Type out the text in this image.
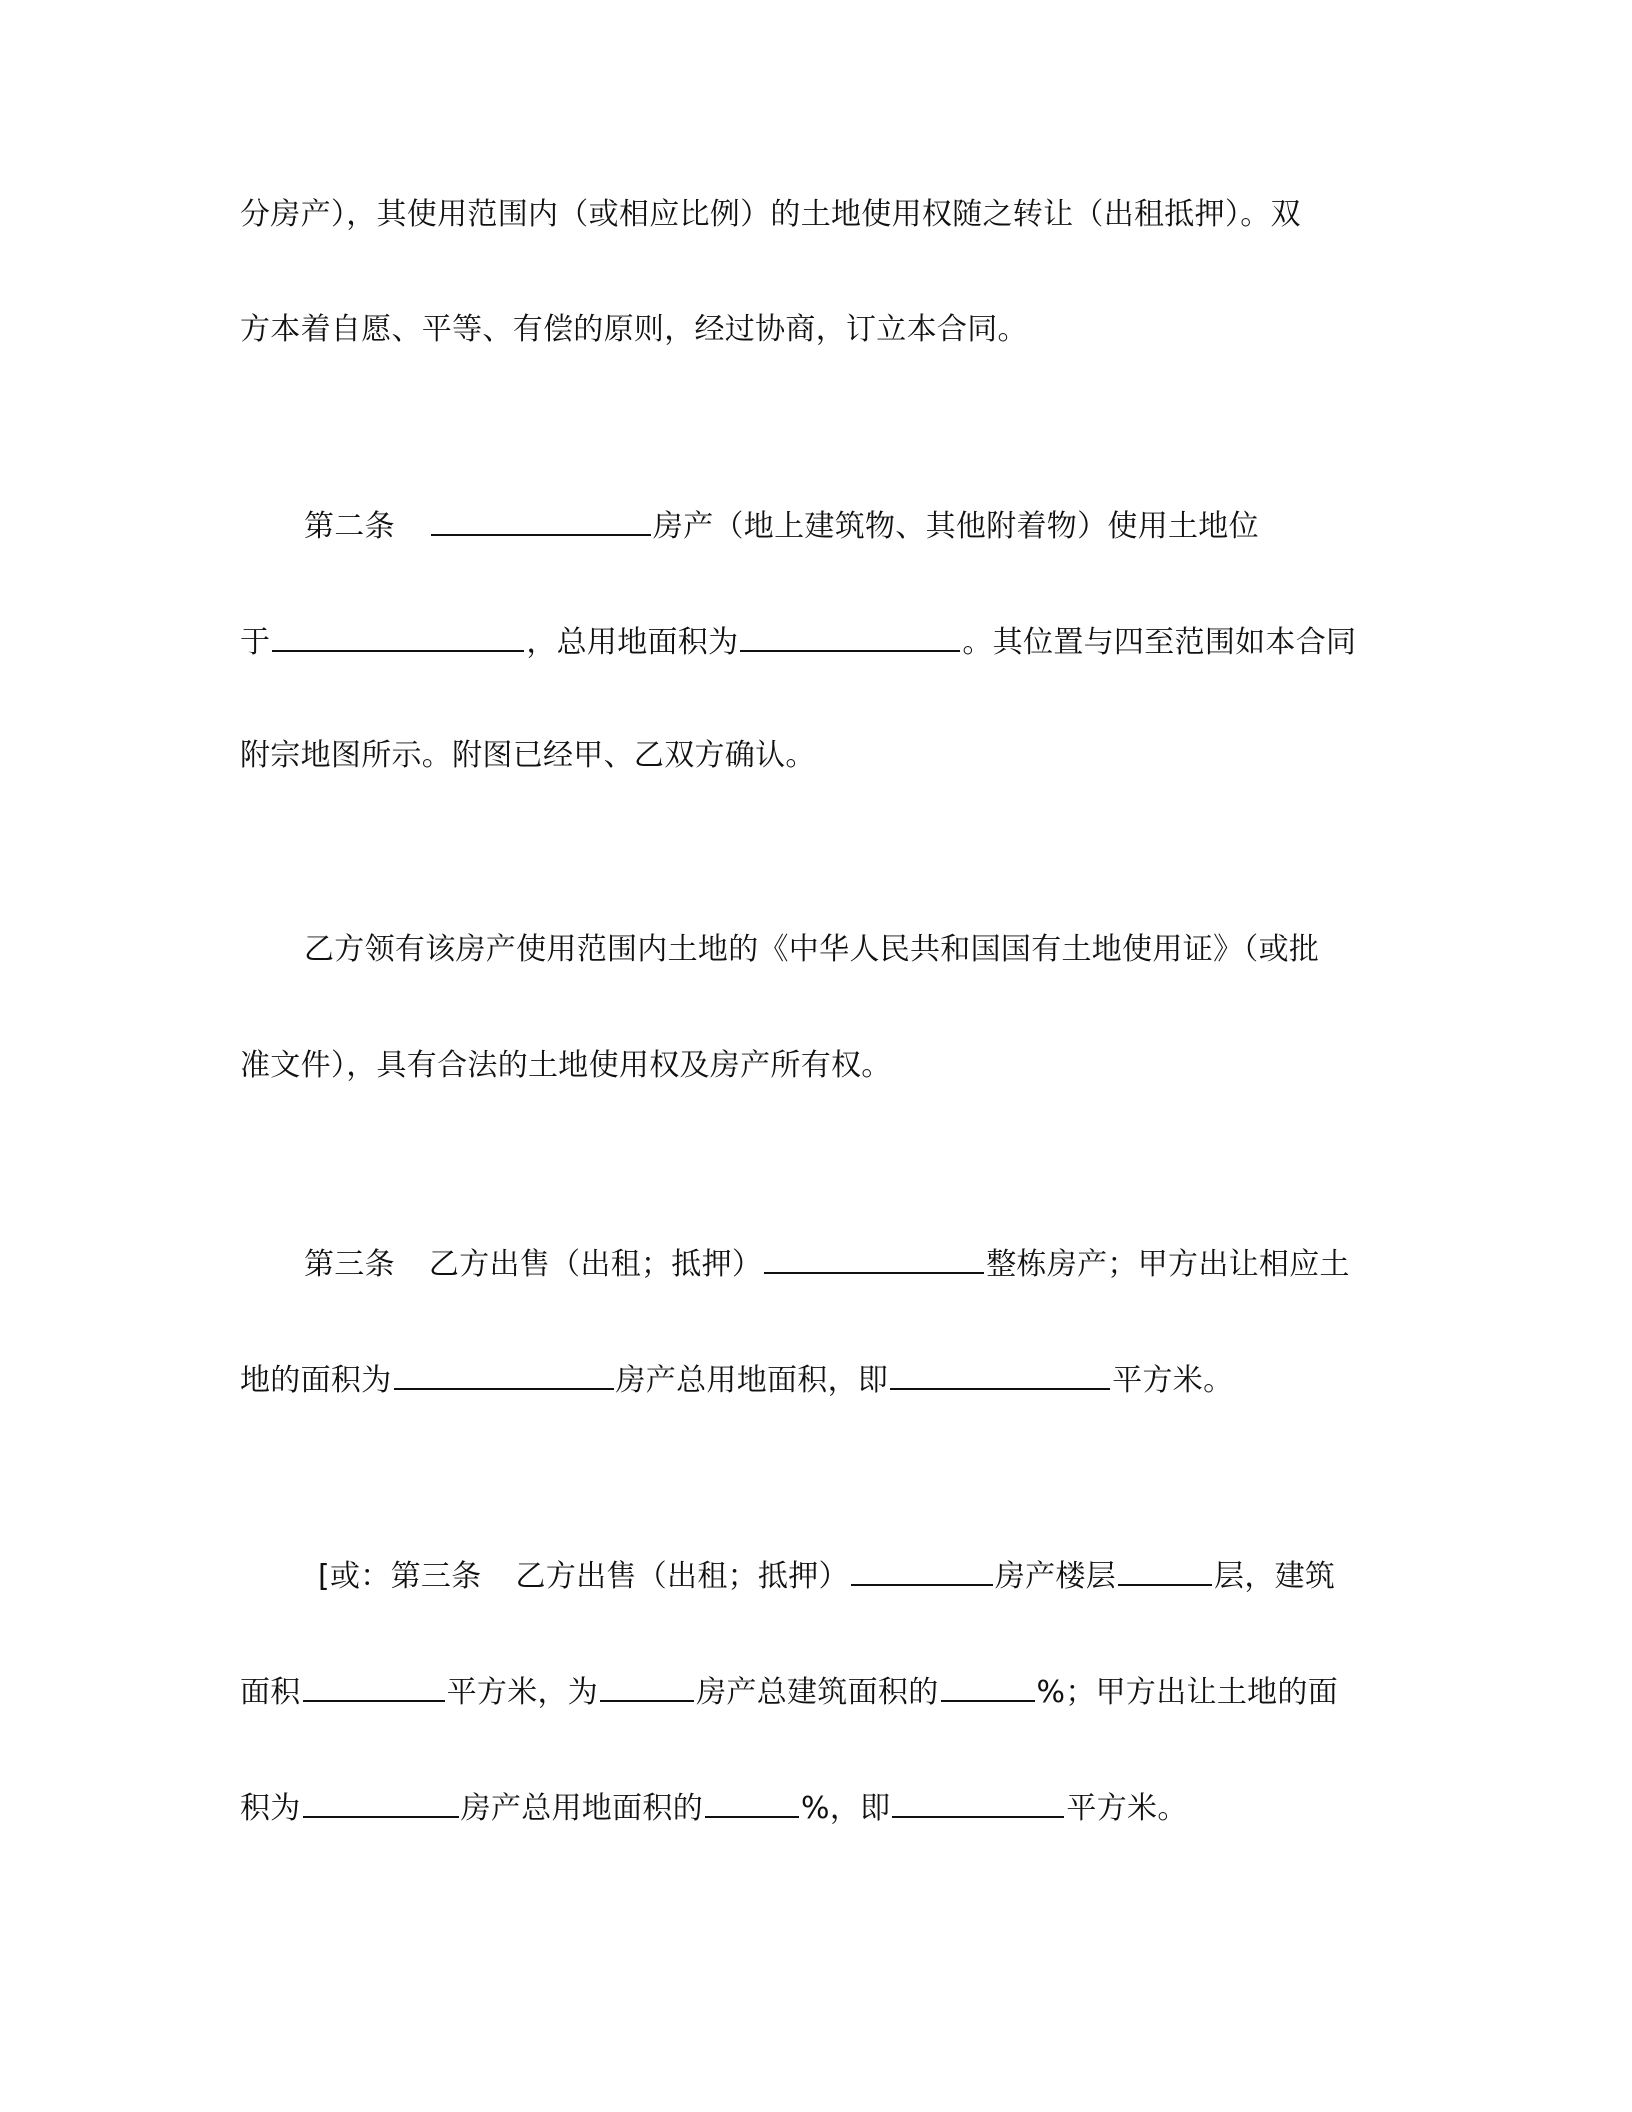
分房产），其使用范围内（或相应比例）的土地使用权随之转让（出租抵押）。双
方本着自愿、平等、有偿的原则，经过协商，订立本合同。
第二条	房产（地上建筑物、其他附着物）使用土地位
于	，总用地面积为	。其位置与四至范围如本合同
附宗地图所示。附图已经甲、乙双方确认。
乙方领有该房产使用范围内土地的《中华人民共和国国有土地使用证》（或批
准文件），具有合法的土地使用权及房产所有权。
第三条 乙方出售（出租；抵押）	整栋房产；甲方出让相应土
地的面积为	房产总用地面积，即	平方米。
[或：第三条 乙方出售（出租；抵押）	房产楼层	层，建筑
面积	平方米，为	房产总建筑面积的	%；甲方出让土地的面
积为	房产总用地面积的	%，即	平方米。
